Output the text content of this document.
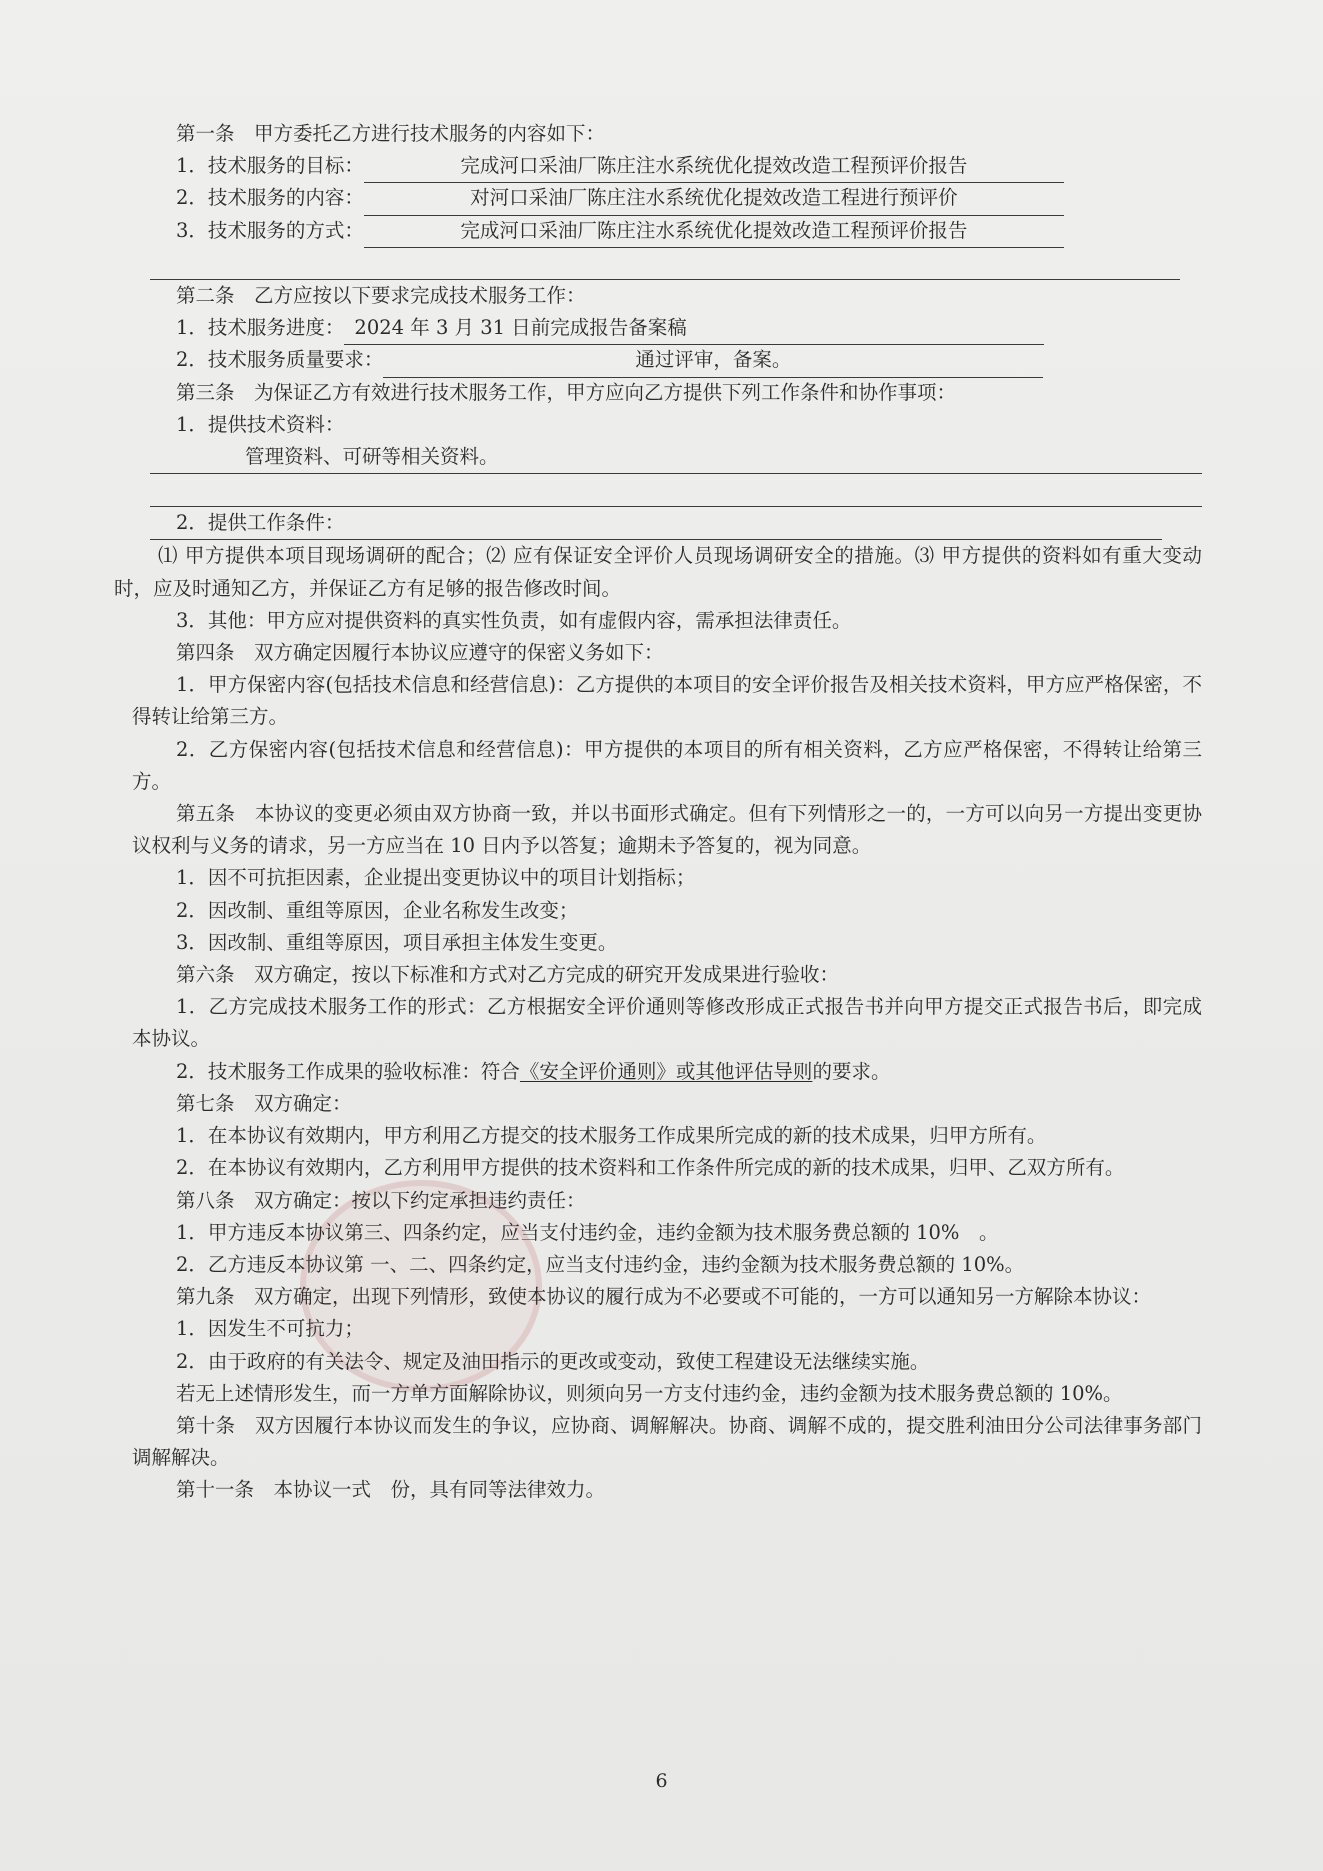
第一条　甲方委托乙方进行技术服务的内容如下：
1．技术服务的目标：	完成河口采油厂陈庄注水系统优化提效改造工程预评价报告
2．技术服务的内容：	对河口采油厂陈庄注水系统优化提效改造工程进行预评价
3．技术服务的方式：	完成河口采油厂陈庄注水系统优化提效改造工程预评价报告
第二条　乙方应按以下要求完成技术服务工作：
1．技术服务进度： 2024 年 3 月 31 日前完成报告备案稿
2．技术服务质量要求：	通过评审，备案。
第三条　为保证乙方有效进行技术服务工作，甲方应向乙方提供下列工作条件和协作事项：
1．提供技术资料：
管理资料、可研等相关资料。
2．提供工作条件：
⑴ 甲方提供本项目现场调研的配合；⑵ 应有保证安全评价人员现场调研安全的措施。⑶ 甲方提供的资料如有重大变动时，应及时通知乙方，并保证乙方有足够的报告修改时间。
3．其他：甲方应对提供资料的真实性负责，如有虚假内容，需承担法律责任。
第四条　双方确定因履行本协议应遵守的保密义务如下：
1．甲方保密内容(包括技术信息和经营信息)：乙方提供的本项目的安全评价报告及相关技术资料，甲方应严格保密，不得转让给第三方。
2．乙方保密内容(包括技术信息和经营信息)：甲方提供的本项目的所有相关资料，乙方应严格保密，不得转让给第三方。
第五条　本协议的变更必须由双方协商一致，并以书面形式确定。但有下列情形之一的，一方可以向另一方提出变更协议权利与义务的请求，另一方应当在 10 日内予以答复；逾期未予答复的，视为同意。
1．因不可抗拒因素，企业提出变更协议中的项目计划指标；
2．因改制、重组等原因，企业名称发生改变；
3．因改制、重组等原因，项目承担主体发生变更。
第六条　双方确定，按以下标准和方式对乙方完成的研究开发成果进行验收：
1．乙方完成技术服务工作的形式：乙方根据安全评价通则等修改形成正式报告书并向甲方提交正式报告书后，即完成本协议。
2．技术服务工作成果的验收标准：符合《安全评价通则》或其他评估导则的要求。
第七条　双方确定：
1．在本协议有效期内，甲方利用乙方提交的技术服务工作成果所完成的新的技术成果，归甲方所有。
2．在本协议有效期内，乙方利用甲方提供的技术资料和工作条件所完成的新的技术成果，归甲、乙双方所有。
第八条　双方确定：按以下约定承担违约责任：
1．甲方违反本协议第三、四条约定，应当支付违约金，违约金额为技术服务费总额的 10%　。
2．乙方违反本协议第 一、二、四条约定，应当支付违约金，违约金额为技术服务费总额的 10%。
第九条　双方确定，出现下列情形，致使本协议的履行成为不必要或不可能的，一方可以通知另一方解除本协议：
1．因发生不可抗力；
2．由于政府的有关法令、规定及油田指示的更改或变动，致使工程建设无法继续实施。
若无上述情形发生，而一方单方面解除协议，则须向另一方支付违约金，违约金额为技术服务费总额的 10%。
第十条　双方因履行本协议而发生的争议，应协商、调解解决。协商、调解不成的，提交胜利油田分公司法律事务部门调解解决。
第十一条　本协议一式　份，具有同等法律效力。
6
